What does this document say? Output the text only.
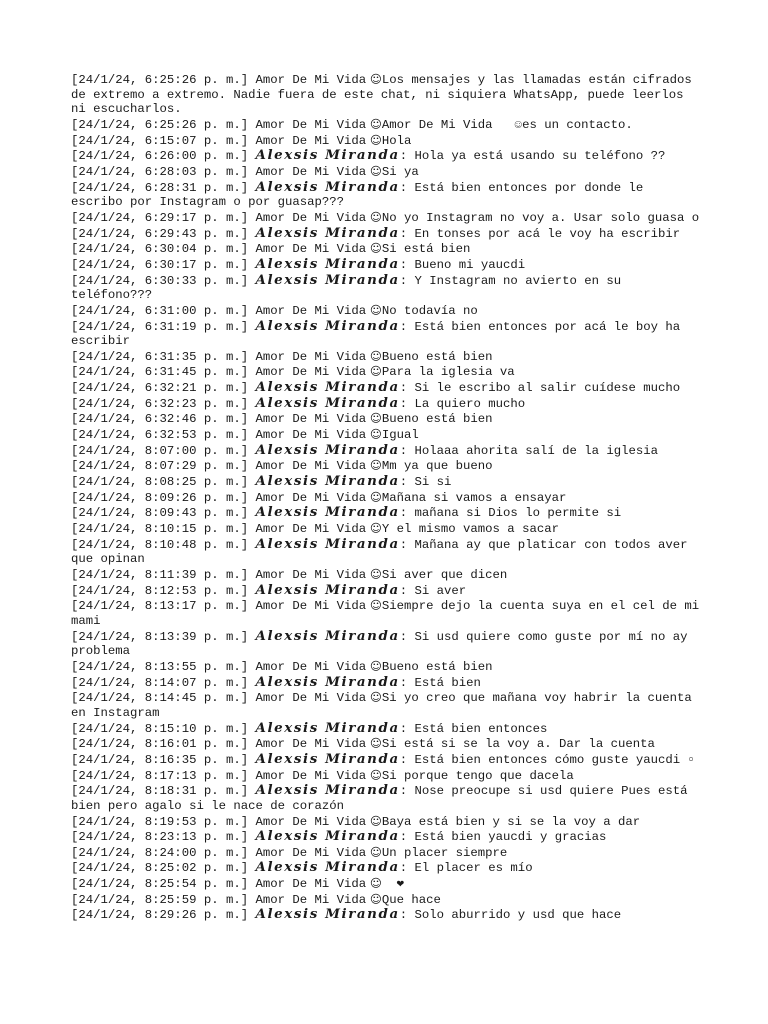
[24/1/24, 6:25:26 p. m.] Amor De Mi Vida ☺Los mensajes y las llamadas están cifrados de extremo a extremo. Nadie fuera de este chat, ni siquiera WhatsApp, puede leerlos ni escucharlos.
[24/1/24, 6:25:26 p. m.] Amor De Mi Vida ☺Amor De Mi Vida   ☺es un contacto.
[24/1/24, 6:15:07 p. m.] Amor De Mi Vida ☺Hola
[24/1/24, 6:26:00 p. m.] Alexsis Miranda: Hola ya está usando su teléfono ??
[24/1/24, 6:28:03 p. m.] Amor De Mi Vida ☺Si ya
[24/1/24, 6:28:31 p. m.] Alexsis Miranda: Está bien entonces por donde le escribo por Instagram o por guasap???
[24/1/24, 6:29:17 p. m.] Amor De Mi Vida ☺No yo Instagram no voy a. Usar solo guasa o
[24/1/24, 6:29:43 p. m.] Alexsis Miranda: En tonses por acá le voy ha escribir
[24/1/24, 6:30:04 p. m.] Amor De Mi Vida ☺Si está bien
[24/1/24, 6:30:17 p. m.] Alexsis Miranda: Bueno mi yaucdi
[24/1/24, 6:30:33 p. m.] Alexsis Miranda: Y Instagram no avierto en su teléfono???
[24/1/24, 6:31:00 p. m.] Amor De Mi Vida ☺No todavía no
[24/1/24, 6:31:19 p. m.] Alexsis Miranda: Está bien entonces por acá le boy ha escribir
[24/1/24, 6:31:35 p. m.] Amor De Mi Vida ☺Bueno está bien
[24/1/24, 6:31:45 p. m.] Amor De Mi Vida ☺Para la iglesia va
[24/1/24, 6:32:21 p. m.] Alexsis Miranda: Si le escribo al salir cuídese mucho
[24/1/24, 6:32:23 p. m.] Alexsis Miranda: La quiero mucho
[24/1/24, 6:32:46 p. m.] Amor De Mi Vida ☺Bueno está bien
[24/1/24, 6:32:53 p. m.] Amor De Mi Vida ☺Igual
[24/1/24, 8:07:00 p. m.] Alexsis Miranda: Holaaa ahorita salí de la iglesia
[24/1/24, 8:07:29 p. m.] Amor De Mi Vida ☺Mm ya que bueno
[24/1/24, 8:08:25 p. m.] Alexsis Miranda: Si si
[24/1/24, 8:09:26 p. m.] Amor De Mi Vida ☺Mañana si vamos a ensayar
[24/1/24, 8:09:43 p. m.] Alexsis Miranda: mañana si Dios lo permite si
[24/1/24, 8:10:15 p. m.] Amor De Mi Vida ☺Y el mismo vamos a sacar
[24/1/24, 8:10:48 p. m.] Alexsis Miranda: Mañana ay que platicar con todos aver que opinan
[24/1/24, 8:11:39 p. m.] Amor De Mi Vida ☺Si aver que dicen
[24/1/24, 8:12:53 p. m.] Alexsis Miranda: Si aver
[24/1/24, 8:13:17 p. m.] Amor De Mi Vida ☺Siempre dejo la cuenta suya en el cel de mi mami
[24/1/24, 8:13:39 p. m.] Alexsis Miranda: Si usd quiere como guste por mí no ay problema
[24/1/24, 8:13:55 p. m.] Amor De Mi Vida ☺Bueno está bien
[24/1/24, 8:14:07 p. m.] Alexsis Miranda: Está bien
[24/1/24, 8:14:45 p. m.] Amor De Mi Vida ☺Si yo creo que mañana voy habrir la cuenta en Instagram
[24/1/24, 8:15:10 p. m.] Alexsis Miranda: Está bien entonces
[24/1/24, 8:16:01 p. m.] Amor De Mi Vida ☺Si está si se la voy a. Dar la cuenta
[24/1/24, 8:16:35 p. m.] Alexsis Miranda: Está bien entonces cómo guste yaucdi ▫
[24/1/24, 8:17:13 p. m.] Amor De Mi Vida ☺Si porque tengo que dacela
[24/1/24, 8:18:31 p. m.] Alexsis Miranda: Nose preocupe si usd quiere Pues está bien pero agalo si le nace de corazón
[24/1/24, 8:19:53 p. m.] Amor De Mi Vida ☺Baya está bien y si se la voy a dar
[24/1/24, 8:23:13 p. m.] Alexsis Miranda: Está bien yaucdi y gracias
[24/1/24, 8:24:00 p. m.] Amor De Mi Vida ☺Un placer siempre
[24/1/24, 8:25:02 p. m.] Alexsis Miranda: El placer es mío
[24/1/24, 8:25:54 p. m.] Amor De Mi Vida ☺  ❤
[24/1/24, 8:25:59 p. m.] Amor De Mi Vida ☺Que hace
[24/1/24, 8:29:26 p. m.] Alexsis Miranda: Solo aburrido y usd que hace
